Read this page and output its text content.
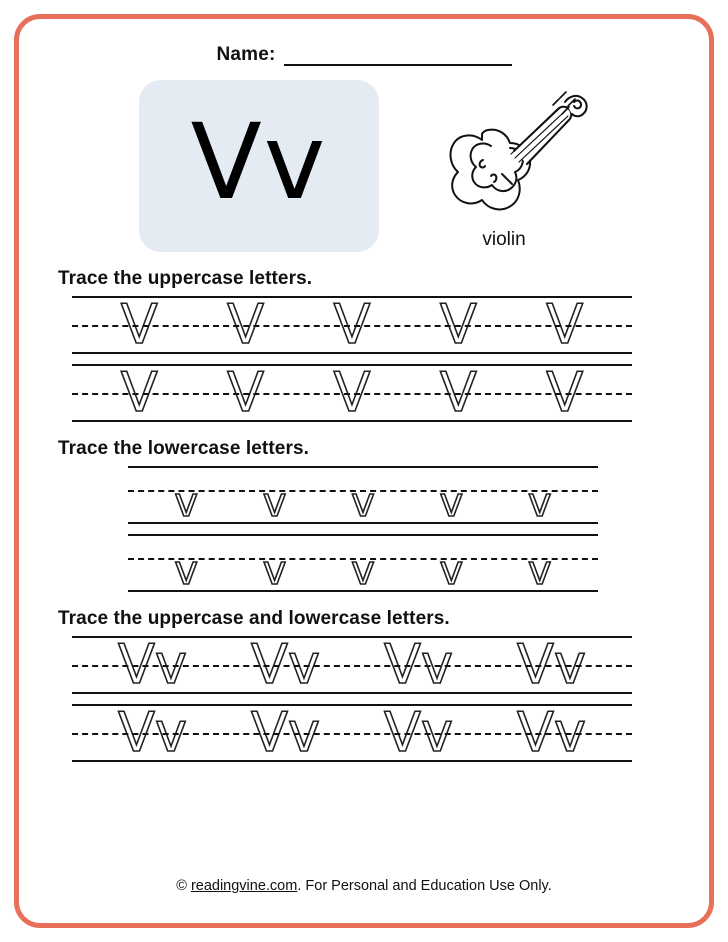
Name:
Vv
violin
Trace the uppercase letters.
V V V V V
V V V V V
Trace the lowercase letters.
v v v v v
v v v v v
Trace the uppercase and lowercase letters.
Vv Vv Vv Vv
Vv Vv Vv Vv
© readingvine.com. For Personal and Education Use Only.
